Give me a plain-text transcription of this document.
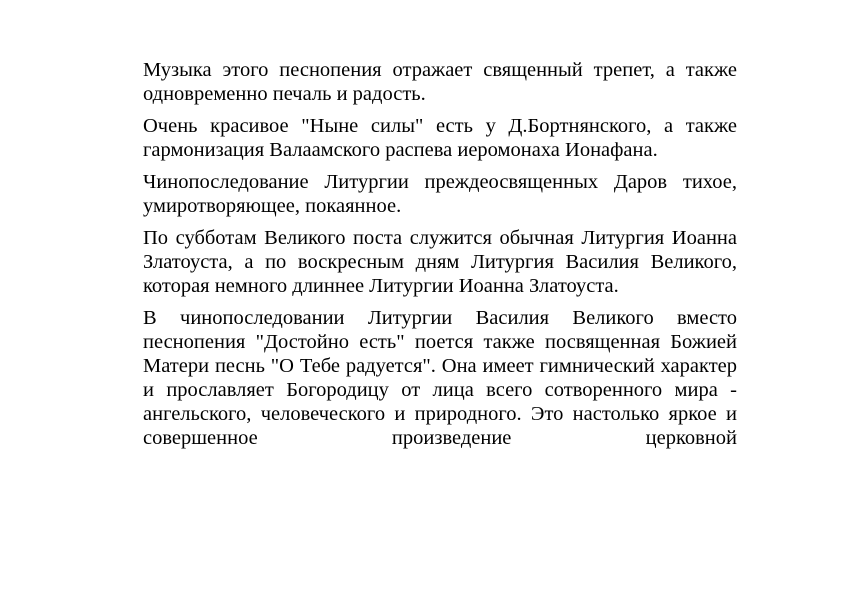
Музыка этого песнопения отражает священный трепет, а также одновременно печаль и радость.

Очень красивое "Ныне силы" есть у Д.Бортнянского, а также гармонизация Валаамского распева иеромонаха Ионафана.

Чинопоследование Литургии преждеосвященных Даров тихое, умиротворяющее, покаянное.

По субботам Великого поста служится обычная Литургия Иоанна Златоуста, а по воскресным дням Литургия Василия Великого, которая немного длиннее Литургии Иоанна Златоуста.

В чинопоследовании Литургии Василия Великого вместо песнопения "Достойно есть" поется также посвященная Божией Матери песнь "О Тебе радуется". Она имеет гимнический характер и прославляет Богородицу от лица всего сотворенного мира - ангельского, человеческого и природного. Это настолько яркое и совершенное произведение церковной
